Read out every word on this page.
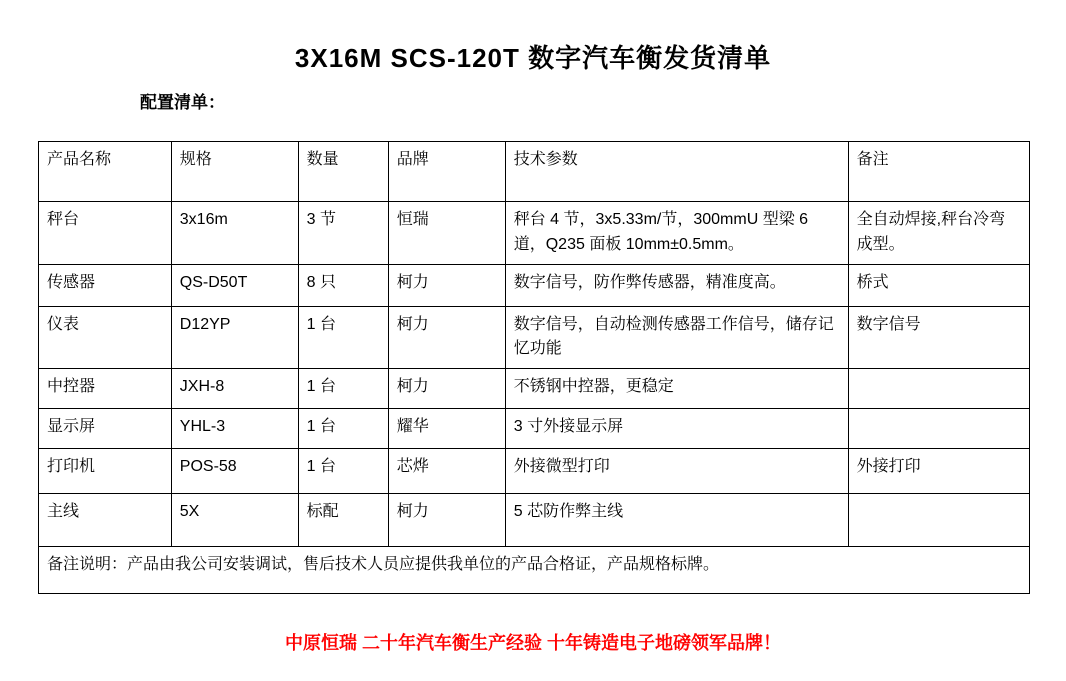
3X16M SCS-120T 数字汽车衡发货清单
配置清单：
产品名称	规格	数量	品牌	技术参数	备注
秤台	3x16m	3 节	恒瑞	秤台 4 节，3x5.33m/节，300mmU 型梁 6 道，Q235 面板 10mm±0.5mm。	全自动焊接,秤台冷弯成型。
传感器	QS-D50T	8 只	柯力	数字信号，防作弊传感器，精准度高。	桥式
仪表	D12YP	1 台	柯力	数字信号，自动检测传感器工作信号，储存记忆功能	数字信号
中控器	JXH-8	1 台	柯力	不锈钢中控器，更稳定	
显示屏	YHL-3	1 台	耀华	3 寸外接显示屏	
打印机	POS-58	1 台	芯烨	外接微型打印	外接打印
主线	5X	标配	柯力	5 芯防作弊主线	
备注说明：产品由我公司安装调试，售后技术人员应提供我单位的产品合格证，产品规格标牌。					
中原恒瑞 二十年汽车衡生产经验 十年铸造电子地磅领军品牌！
